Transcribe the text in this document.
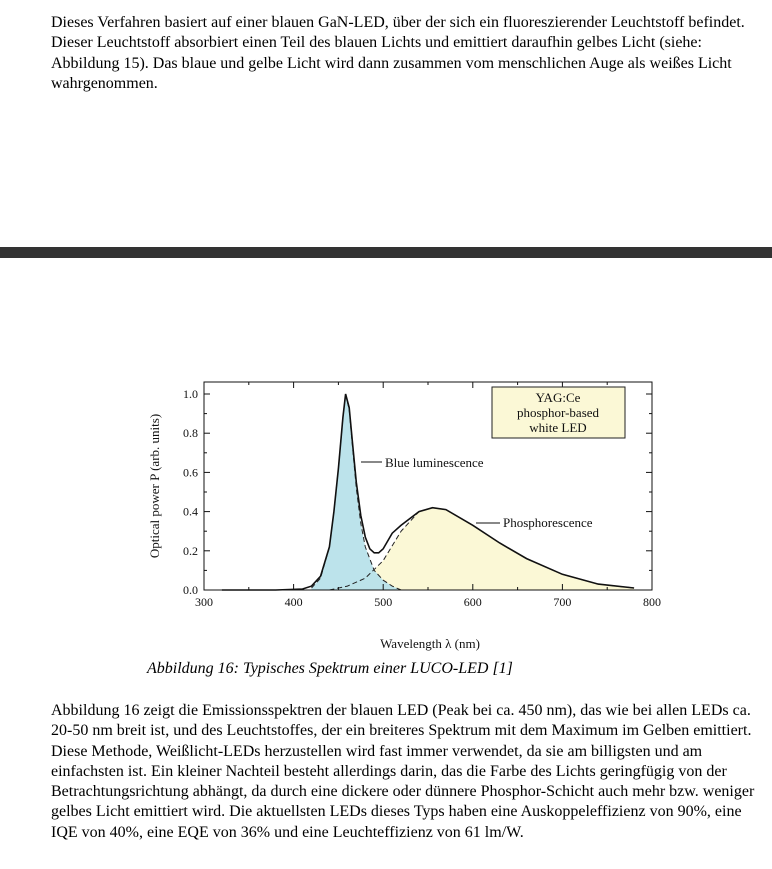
Dieses Verfahren basiert auf einer blauen GaN-LED, über der sich ein fluoreszierender Leuchtstoff befindet. Dieser Leuchtstoff absorbiert einen Teil des blauen Lichts und emittiert daraufhin gelbes Licht (siehe: Abbildung 15). Das blaue und gelbe Licht wird dann zusammen vom menschlichen Auge als weißes Licht wahrgenommen.

300	400	500	600	700	800
0.0
0.2
0.4
0.6
0.8
1.0
Wavelength λ (nm)
Optical power P (arb. units)
YAG:Ce
phosphor-based
white LED
Blue luminescence
Phosphorescence

Abbildung 16: Typisches Spektrum einer LUCO-LED [1]

Abbildung 16 zeigt die Emissionsspektren der blauen LED (Peak bei ca. 450 nm), das wie bei allen LEDs ca. 20-50 nm breit ist, und des Leuchtstoffes, der ein breiteres Spektrum mit dem Maximum im Gelben emittiert. Diese Methode, Weißlicht-LEDs herzustellen wird fast immer verwendet, da sie am billigsten und am einfachsten ist. Ein kleiner Nachteil besteht allerdings darin, das die Farbe des Lichts geringfügig von der Betrachtungsrichtung abhängt, da durch eine dickere oder dünnere Phosphor-Schicht auch mehr bzw. weniger gelbes Licht emittiert wird. Die aktuellsten LEDs dieses Typs haben eine Auskoppeleffizienz von 90%, eine IQE von 40%, eine EQE von 36% und eine Leuchteffizienz von 61 lm/W.
